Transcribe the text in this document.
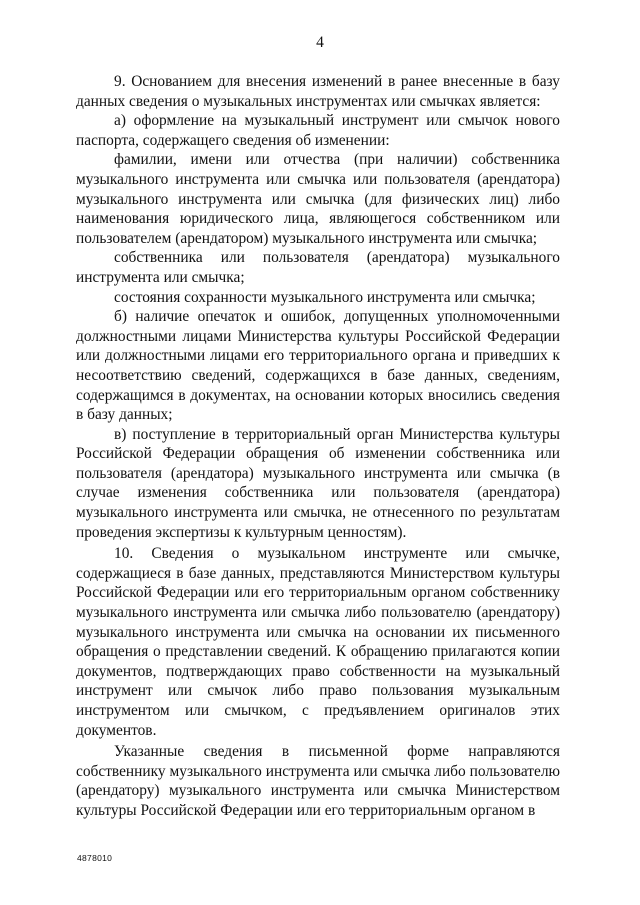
4

9. Основанием для внесения изменений в ранее внесенные в базу данных сведения о музыкальных инструментах или смычках является:

а) оформление на музыкальный инструмент или смычок нового паспорта, содержащего сведения об изменении:

фамилии, имени или отчества (при наличии) собственника музыкального инструмента или смычка или пользователя (арендатора) музыкального инструмента или смычка (для физических лиц) либо наименования юридического лица, являющегося собственником или пользователем (арендатором) музыкального инструмента или смычка;

собственника или пользователя (арендатора) музыкального инструмента или смычка;

состояния сохранности музыкального инструмента или смычка;

б) наличие опечаток и ошибок, допущенных уполномоченными должностными лицами Министерства культуры Российской Федерации или должностными лицами его территориального органа и приведших к несоответствию сведений, содержащихся в базе данных, сведениям, содержащимся в документах, на основании которых вносились сведения в базу данных;

в) поступление в территориальный орган Министерства культуры Российской Федерации обращения об изменении собственника или пользователя (арендатора) музыкального инструмента или смычка (в случае изменения собственника или пользователя (арендатора) музыкального инструмента или смычка, не отнесенного по результатам проведения экспертизы к культурным ценностям).

10. Сведения о музыкальном инструменте или смычке, содержащиеся в базе данных, представляются Министерством культуры Российской Федерации или его территориальным органом собственнику музыкального инструмента или смычка либо пользователю (арендатору) музыкального инструмента или смычка на основании их письменного обращения о представлении сведений. К обращению прилагаются копии документов, подтверждающих право собственности на музыкальный инструмент или смычок либо право пользования музыкальным инструментом или смычком, с предъявлением оригиналов этих документов.

Указанные сведения в письменной форме направляются собственнику музыкального инструмента или смычка либо пользователю (арендатору) музыкального инструмента или смычка Министерством культуры Российской Федерации или его территориальным органом в

4878010
